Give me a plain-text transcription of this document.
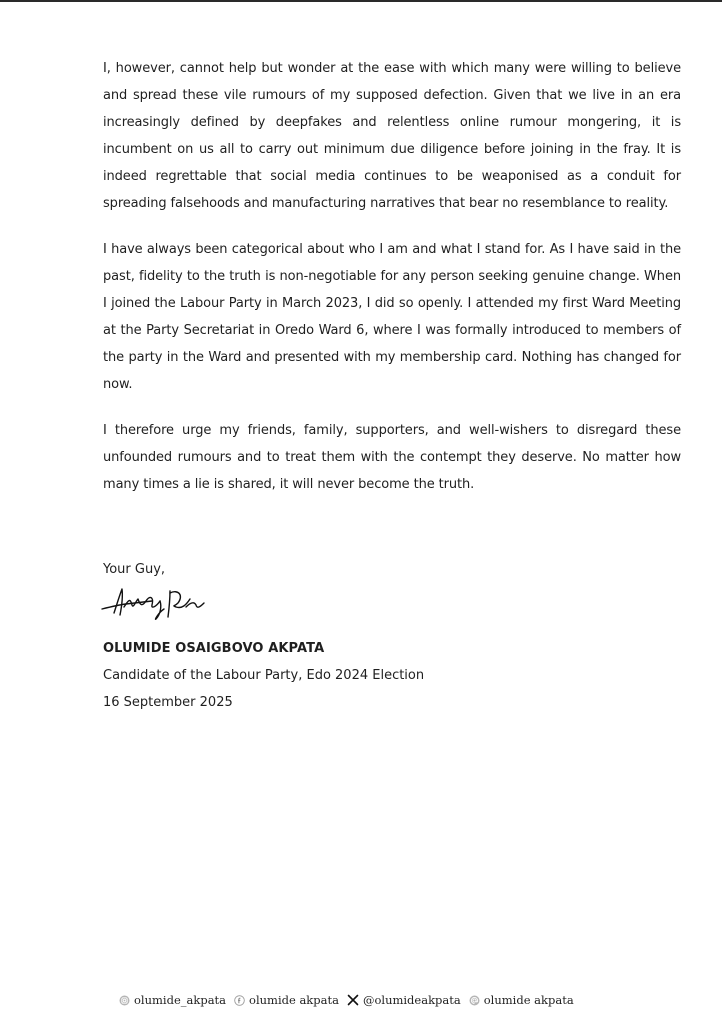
I, however, cannot help but wonder at the ease with which many were willing to believe and spread these vile rumours of my supposed defection. Given that we live in an era increasingly defined by deepfakes and relentless online rumour mongering, it is incumbent on us all to carry out minimum due diligence before joining in the fray. It is indeed regrettable that social media continues to be weaponised as a conduit for spreading falsehoods and manufacturing narratives that bear no resemblance to reality.

I have always been categorical about who I am and what I stand for. As I have said in the past, fidelity to the truth is non-negotiable for any person seeking genuine change. When I joined the Labour Party in March 2023, I did so openly. I attended my first Ward Meeting at the Party Secretariat in Oredo Ward 6, where I was formally introduced to members of the party in the Ward and presented with my membership card. Nothing has changed for now.

I therefore urge my friends, family, supporters, and well-wishers to disregard these unfounded rumours and to treat them with the contempt they deserve. No matter how many times a lie is shared, it will never become the truth.

Your Guy,

OLUMIDE OSAIGBOVO AKPATA

Candidate of the Labour Party, Edo 2024 Election

16 September 2025

olumide_akpata olumide akpata @olumideakpata olumide akpata
